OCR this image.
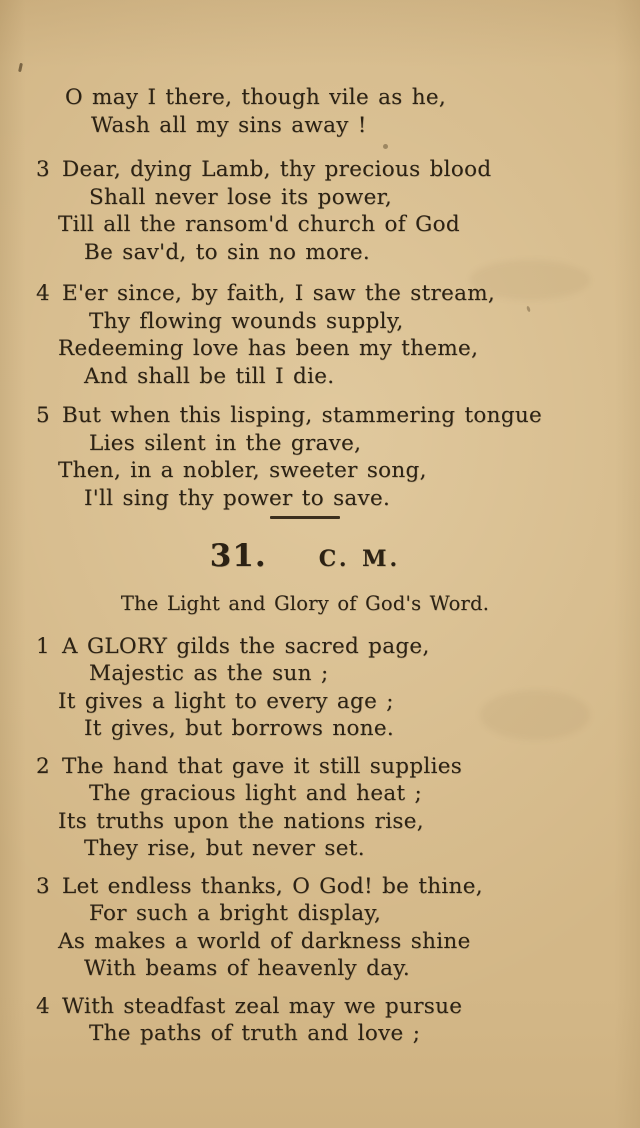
O may I there, though vile as he,
Wash all my sins away !
3 Dear, dying Lamb, thy precious blood
Shall never lose its power,
Till all the ransom'd church of God
Be sav'd, to sin no more.
4 E'er since, by faith, I saw the stream,
Thy flowing wounds supply,
Redeeming love has been my theme,
And shall be till I die.
5 But when this lisping, stammering tongue
Lies silent in the grave,
Then, in a nobler, sweeter song,
I'll sing thy power to save.
31. C. M.
The Light and Glory of God's Word.
1 A GLORY gilds the sacred page,
Majestic as the sun ;
It gives a light to every age ;
It gives, but borrows none.
2 The hand that gave it still supplies
The gracious light and heat ;
Its truths upon the nations rise,
They rise, but never set.
3 Let endless thanks, O God! be thine,
For such a bright display,
As makes a world of darkness shine
With beams of heavenly day.
4 With steadfast zeal may we pursue
The paths of truth and love ;
